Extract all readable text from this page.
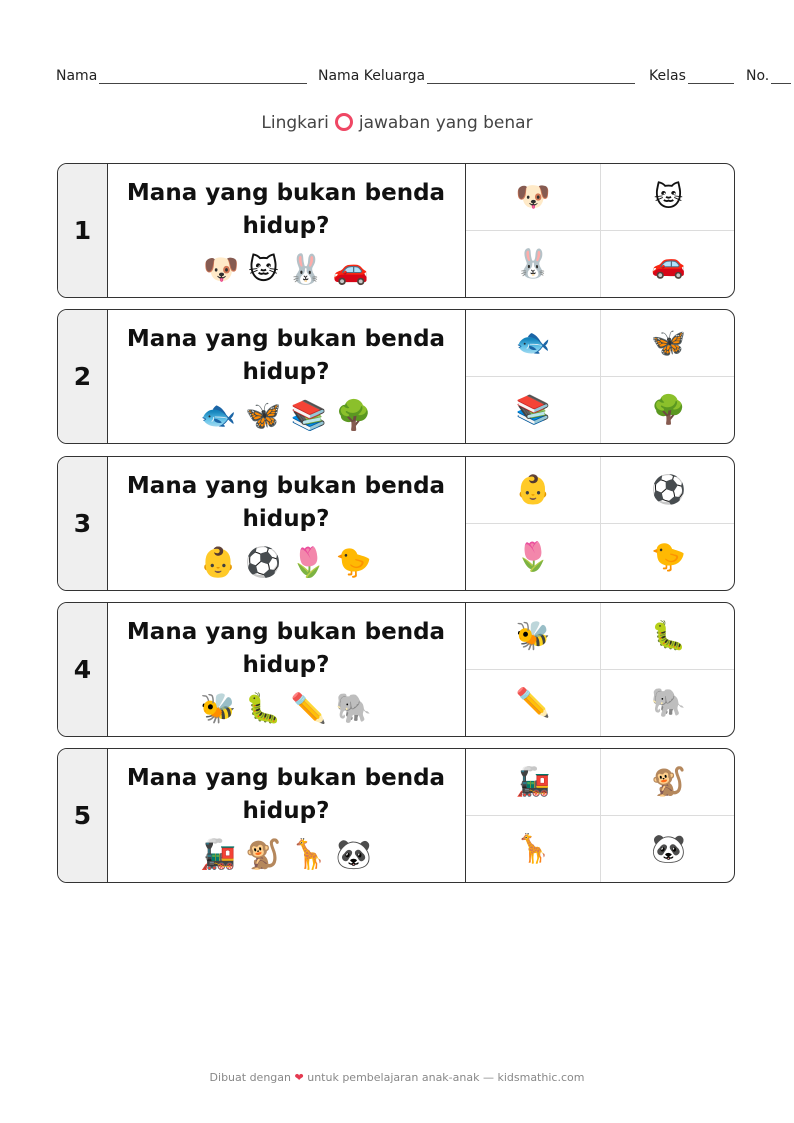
Nama	Nama Keluarga	Kelas	No.
Lingkari jawaban yang benar
1
Mana yang bukan benda hidup?
🐶 🐱 🐰 🚗
🐶	🐱
🐰	🚗
2
Mana yang bukan benda hidup?
🐟 🦋 📚 🌳
🐟	🦋
📚	🌳
3
Mana yang bukan benda hidup?
👶 ⚽ 🌷 🐤
👶	⚽
🌷	🐤
4
Mana yang bukan benda hidup?
🐝 🐛 ✏️ 🐘
🐝	🐛
✏️	🐘
5
Mana yang bukan benda hidup?
🚂 🐒 🦒 🐼
🚂	🐒
🦒	🐼
Dibuat dengan ❤ untuk pembelajaran anak-anak — kidsmathic.com
